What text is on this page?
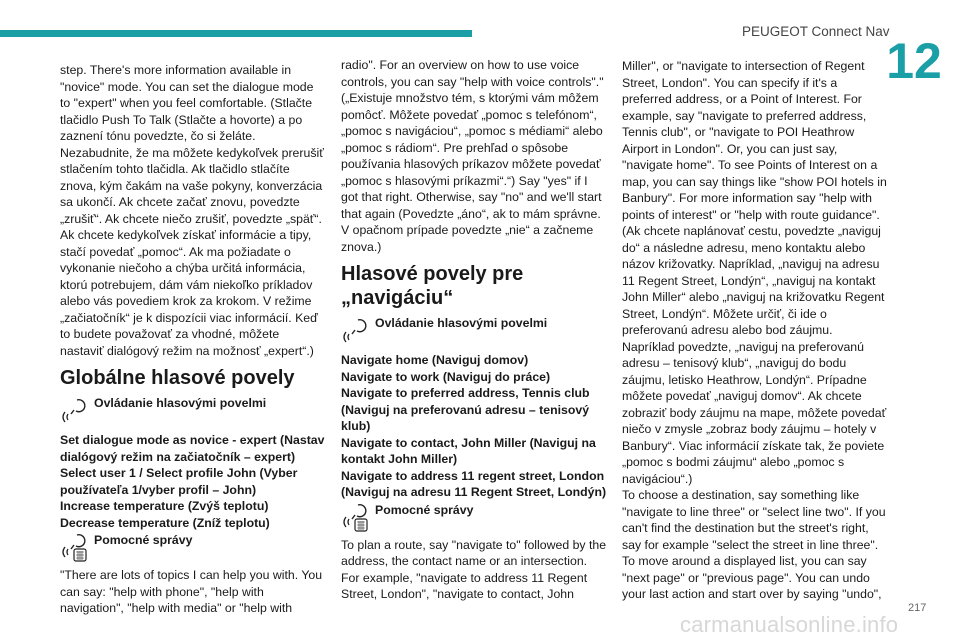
PEUGEOT Connect Nav
12

step. There's more information available in "novice" mode. You can set the dialogue mode to "expert" when you feel comfortable. (Stlačte tlačidlo Push To Talk (Stlačte a hovorte) a po zaznení tónu povedzte, čo si želáte. Nezabudnite, že ma môžete kedykoľvek prerušiť stlačením tohto tlačidla. Ak tlačidlo stlačíte znova, kým čakám na vaše pokyny, konverzácia sa ukončí. Ak chcete začať znovu, povedzte „zrušiť“. Ak chcete niečo zrušiť, povedzte „späť“. Ak chcete kedykoľvek získať informácie a tipy, stačí povedať „pomoc“. Ak ma požiadate o vykonanie niečoho a chýba určitá informácia, ktorú potrebujem, dám vám niekoľko príkladov alebo vás povediem krok za krokom. V režime „začiatočník“ je k dispozícii viac informácií. Keď to budete považovať za vhodné, môžete nastaviť dialógový režim na možnosť „expert“.)

Globálne hlasové povely
Ovládanie hlasovými povelmi

Set dialogue mode as novice - expert (Nastav dialógový režim na začiatočník – expert)

Select user 1 / Select profile John (Vyber používateľa 1/vyber profil – John)

Increase temperature (Zvýš teplotu)

Decrease temperature (Zníž teplotu)

Pomocné správy

"There are lots of topics I can help you with. You can say: "help with phone", "help with navigation", "help with media" or "help with

radio". For an overview on how to use voice controls, you can say "help with voice controls"." („Existuje množstvo tém, s ktorými vám môžem pomôcť. Môžete povedať „pomoc s telefónom“, „pomoc s navigáciou“, „pomoc s médiami“ alebo „pomoc s rádiom“. Pre prehľad o spôsobe používania hlasových príkazov môžete povedať „pomoc s hlasovými príkazmi“.“) Say "yes" if I got that right. Otherwise, say "no" and we'll start that again (Povedzte „áno“, ak to mám správne. V opačnom prípade povedzte „nie“ a začneme znova.)

Hlasové povely pre „navigáciu“
Ovládanie hlasovými povelmi

Navigate home (Naviguj domov)

Navigate to work (Naviguj do práce)

Navigate to preferred address, Tennis club (Naviguj na preferovanú adresu – tenisový klub)

Navigate to contact, John Miller (Naviguj na kontakt John Miller)

Navigate to address 11 regent street, London (Naviguj na adresu 11 Regent Street, Londýn)

Pomocné správy

To plan a route, say "navigate to" followed by the address, the contact name or an intersection. For example, "navigate to address 11 Regent Street, London", "navigate to contact, John

Miller", or "navigate to intersection of Regent Street, London". You can specify if it's a preferred address, or a Point of Interest. For example, say "navigate to preferred address, Tennis club", or "navigate to POI Heathrow Airport in London". Or, you can just say, "navigate home". To see Points of Interest on a map, you can say things like "show POI hotels in Banbury". For more information say "help with points of interest" or "help with route guidance". (Ak chcete naplánovať cestu, povedzte „naviguj do“ a následne adresu, meno kontaktu alebo názov križovatky. Napríklad, „naviguj na adresu 11 Regent Street, Londýn“, „naviguj na kontakt John Miller“ alebo „naviguj na križovatku Regent Street, Londýn“. Môžete určiť, či ide o preferovanú adresu alebo bod záujmu. Napríklad povedzte, „naviguj na preferovanú adresu – tenisový klub“, „naviguj do bodu záujmu, letisko Heathrow, Londýn“. Prípadne môžete povedať „naviguj domov“. Ak chcete zobraziť body záujmu na mape, môžete povedať niečo v zmysle „zobraz body záujmu – hotely v Banbury“. Viac informácií získate tak, že poviete „pomoc s bodmi záujmu“ alebo „pomoc s navigáciou“.)

To choose a destination, say something like "navigate to line three" or "select line two". If you can't find the destination but the street's right, say for example "select the street in line three". To move around a displayed list, you can say "next page" or "previous page". You can undo your last action and start over by saying "undo",

217
carmanualsonline.info
